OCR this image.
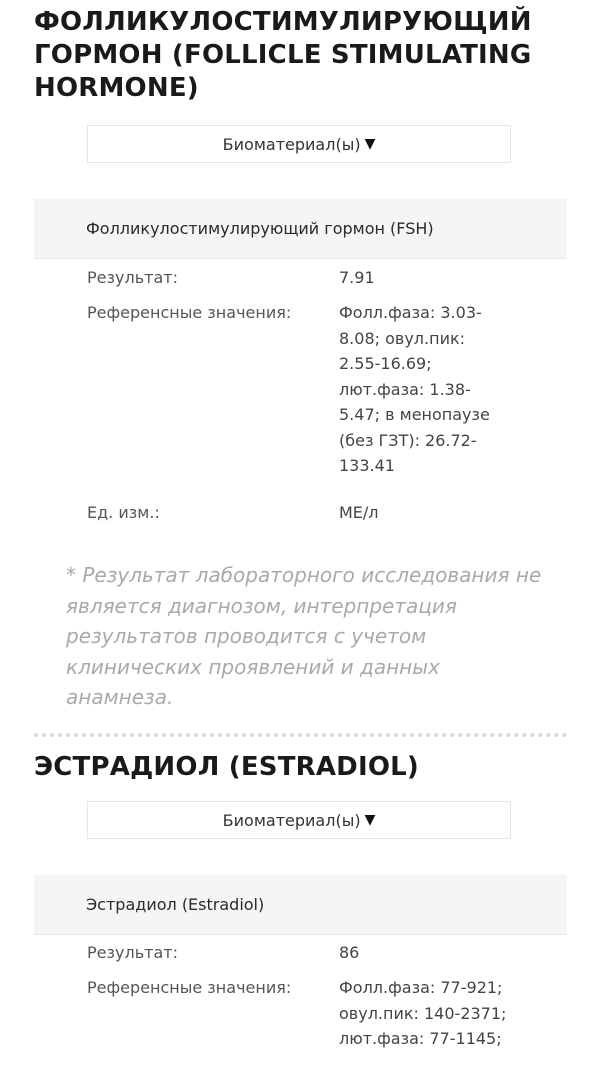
ФОЛЛИКУЛОСТИМУЛИРУЮЩИЙ ГОРМОН (FOLLICLE STIMULATING HORMONE)
Биоматериал(ы) ▼
Фолликулостимулирующий гормон (FSH)
Результат:	7.91
Референсные значения:	Фолл.фаза: 3.03-8.08; овул.пик: 2.55-16.69; лют.фаза: 1.38-5.47; в менопаузе (без ГЗТ): 26.72-133.41
Ед. изм.:	МЕ/л
* Результат лабораторного исследования не является диагнозом, интерпретация результатов проводится с учетом клинических проявлений и данных анамнеза.
ЭСТРАДИОЛ (ESTRADIOL)
Биоматериал(ы) ▼
Эстрадиол (Estradiol)
Результат:	86
Референсные значения:	Фолл.фаза: 77-921; овул.пик: 140-2371; лют.фаза: 77-1145;
